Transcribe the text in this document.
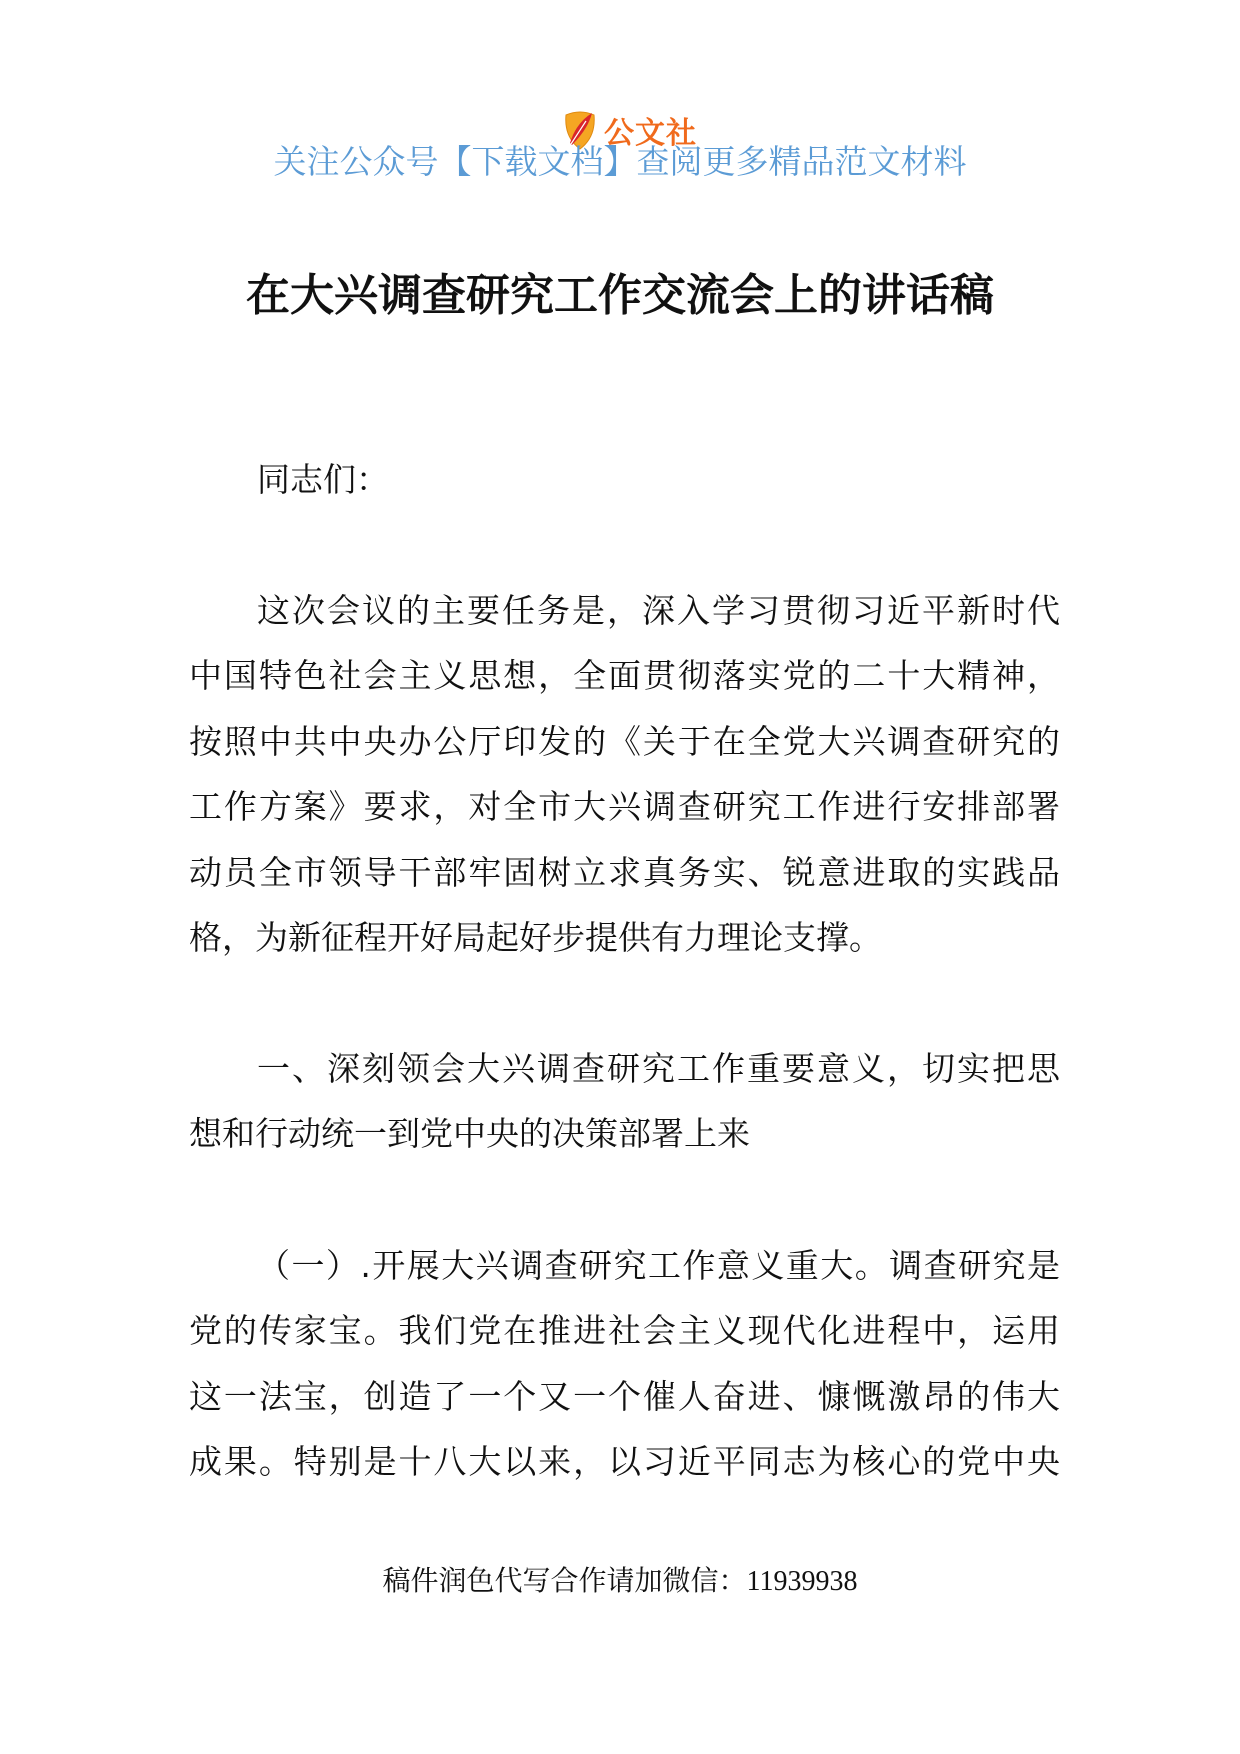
公文社
关注公众号【下载文档】查阅更多精品范文材料
在大兴调查研究工作交流会上的讲话稿
同志们：
这次会议的主要任务是，深入学习贯彻习近平新时代
中国特色社会主义思想，全面贯彻落实党的二十大精神，
按照中共中央办公厅印发的《关于在全党大兴调查研究的
工作方案》要求，对全市大兴调查研究工作进行安排部署
动员全市领导干部牢固树立求真务实、锐意进取的实践品
格，为新征程开好局起好步提供有力理论支撑。
一、深刻领会大兴调查研究工作重要意义，切实把思
想和行动统一到党中央的决策部署上来
（一）.开展大兴调查研究工作意义重大。调查研究是
党的传家宝。我们党在推进社会主义现代化进程中，运用
这一法宝，创造了一个又一个催人奋进、慷慨激昂的伟大
成果。特别是十八大以来，以习近平同志为核心的党中央
稿件润色代写合作请加微信：11939938
